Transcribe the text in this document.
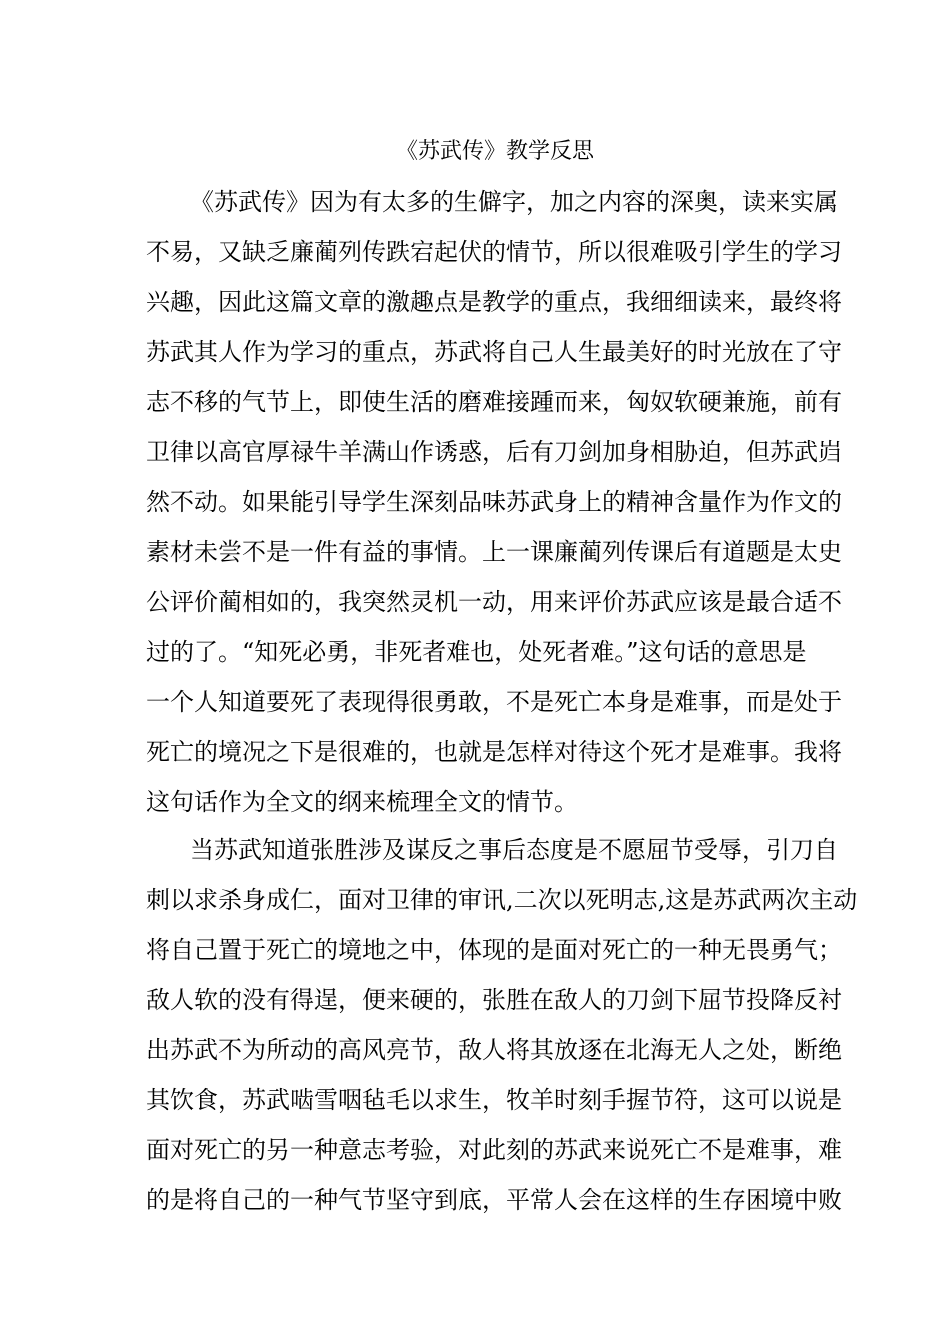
《苏武传》教学反思

《苏武传》因为有太多的生僻字，加之内容的深奥，读来实属

不易，又缺乏廉蔺列传跌宕起伏的情节，所以很难吸引学生的学习

兴趣，因此这篇文章的激趣点是教学的重点，我细细读来，最终将

苏武其人作为学习的重点，苏武将自己人生最美好的时光放在了守

志不移的气节上，即使生活的磨难接踵而来，匈奴软硬兼施，前有

卫律以高官厚禄牛羊满山作诱惑，后有刀剑加身相胁迫，但苏武岿

然不动。如果能引导学生深刻品味苏武身上的精神含量作为作文的

素材未尝不是一件有益的事情。上一课廉蔺列传课后有道题是太史

公评价蔺相如的，我突然灵机一动，用来评价苏武应该是最合适不

过的了。“知死必勇，非死者难也，处死者难。”这句话的意思是

一个人知道要死了表现得很勇敢，不是死亡本身是难事，而是处于

死亡的境况之下是很难的，也就是怎样对待这个死才是难事。我将

这句话作为全文的纲来梳理全文的情节。

当苏武知道张胜涉及谋反之事后态度是不愿屈节受辱，引刀自

刺以求杀身成仁，面对卫律的审讯,二次以死明志,这是苏武两次主动

将自己置于死亡的境地之中，体现的是面对死亡的一种无畏勇气；

敌人软的没有得逞，便来硬的，张胜在敌人的刀剑下屈节投降反衬

出苏武不为所动的高风亮节，敌人将其放逐在北海无人之处，断绝

其饮食，苏武啮雪咽毡毛以求生，牧羊时刻手握节符，这可以说是

面对死亡的另一种意志考验，对此刻的苏武来说死亡不是难事，难

的是将自己的一种气节坚守到底，平常人会在这样的生存困境中败
